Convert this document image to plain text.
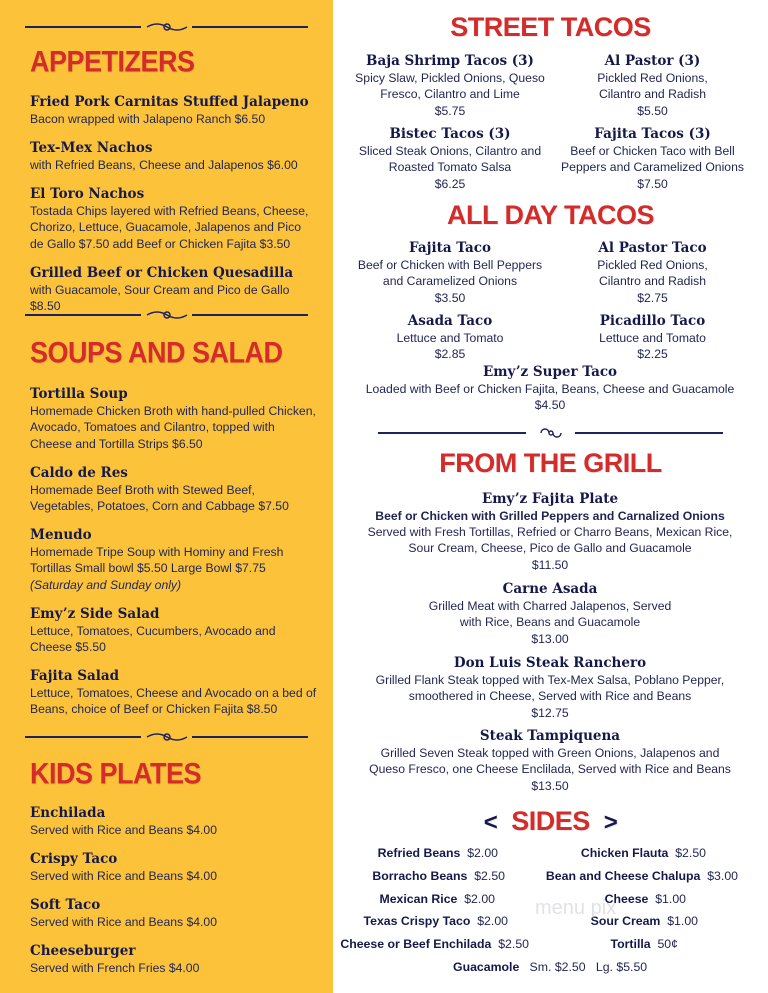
APPETIZERS
Fried Pork Carnitas Stuffed Jalapeno
Bacon wrapped with Jalapeno Ranch $6.50
Tex-Mex Nachos
with Refried Beans, Cheese and Jalapenos $6.00
El Toro Nachos
Tostada Chips layered with Refried Beans, Cheese, Chorizo, Lettuce, Guacamole, Jalapenos and Pico de Gallo $7.50 add Beef or Chicken Fajita $3.50
Grilled Beef or Chicken Quesadilla
with Guacamole, Sour Cream and Pico de Gallo $8.50
SOUPS AND SALAD
Tortilla Soup
Homemade Chicken Broth with hand-pulled Chicken, Avocado, Tomatoes and Cilantro, topped with Cheese and Tortilla Strips $6.50
Caldo de Res
Homemade Beef Broth with Stewed Beef, Vegetables, Potatoes, Corn and Cabbage $7.50
Menudo
Homemade Tripe Soup with Hominy and Fresh Tortillas Small bowl $5.50 Large Bowl $7.75
(Saturday and Sunday only)
Emy’z Side Salad
Lettuce, Tomatoes, Cucumbers, Avocado and Cheese $5.50
Fajita Salad
Lettuce, Tomatoes, Cheese and Avocado on a bed of Beans, choice of Beef or Chicken Fajita $8.50
KIDS PLATES
Enchilada
Served with Rice and Beans $4.00
Crispy Taco
Served with Rice and Beans $4.00
Soft Taco
Served with Rice and Beans $4.00
Cheeseburger
Served with French Fries $4.00
STREET TACOS
Baja Shrimp Tacos (3)
Spicy Slaw, Pickled Onions, Queso Fresco, Cilantro and Lime
$5.75
Al Pastor (3)
Pickled Red Onions, Cilantro and Radish
$5.50
Bistec Tacos (3)
Sliced Steak Onions, Cilantro and Roasted Tomato Salsa
$6.25
Fajita Tacos (3)
Beef or Chicken Taco with Bell Peppers and Caramelized Onions
$7.50
ALL DAY TACOS
Fajita Taco
Beef or Chicken with Bell Peppers and Caramelized Onions
$3.50
Al Pastor Taco
Pickled Red Onions, Cilantro and Radish
$2.75
Asada Taco
Lettuce and Tomato
$2.85
Picadillo Taco
Lettuce and Tomato
$2.25
Emy’z Super Taco
Loaded with Beef or Chicken Fajita, Beans, Cheese and Guacamole
$4.50
FROM THE GRILL
Emy’z Fajita Plate
Beef or Chicken with Grilled Peppers and Carnalized Onions
Served with Fresh Tortillas, Refried or Charro Beans, Mexican Rice, Sour Cream, Cheese, Pico de Gallo and Guacamole
$11.50
Carne Asada
Grilled Meat with Charred Jalapenos, Served with Rice, Beans and Guacamole
$13.00
Don Luis Steak Ranchero
Grilled Flank Steak topped with Tex-Mex Salsa, Poblano Pepper, smoothered in Cheese, Served with Rice and Beans
$12.75
Steak Tampiquena
Grilled Seven Steak topped with Green Onions, Jalapenos and Queso Fresco, one Cheese Enclilada, Served with Rice and Beans
$13.50
< SIDES >
Refried Beans $2.00
Borracho Beans $2.50
Mexican Rice $2.00
Texas Crispy Taco $2.00
Cheese or Beef Enchilada $2.50
Chicken Flauta $2.50
Bean and Cheese Chalupa $3.00
Cheese $1.00
Sour Cream $1.00
Tortilla 50¢
Guacamole Sm. $2.50 Lg. $5.50
menu pix
